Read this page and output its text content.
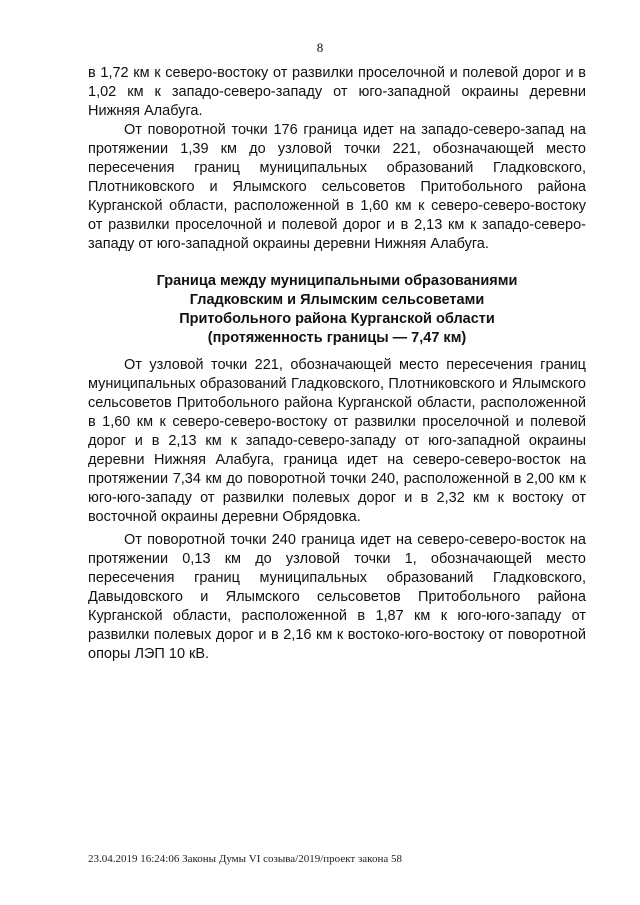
8

в 1,72 км к северо-востоку от развилки проселочной и полевой дорог и в 1,02 км к западо-северо-западу от юго-западной окраины деревни Нижняя Алабуга.

От поворотной точки 176 граница идет на западо-северо-запад на протяжении 1,39 км до узловой точки 221, обозначающей место пересечения границ муниципальных образований Гладковского, Плотниковского и Ялымского сельсоветов Притобольного района Курганской области, расположенной в 1,60 км к северо-северо-востоку от развилки проселочной и полевой дорог и в 2,13 км к западо-северо-западу от юго-западной окраины деревни Нижняя Алабуга.

Граница между муниципальными образованиями
Гладковским и Ялымским сельсоветами
Притобольного района Курганской области
(протяженность границы — 7,47 км)

От узловой точки 221, обозначающей место пересечения границ муниципальных образований Гладковского, Плотниковского и Ялымского сельсоветов Притобольного района Курганской области, расположенной в 1,60 км к северо-северо-востоку от развилки проселочной и полевой дорог и в 2,13 км к западо-северо-западу от юго-западной окраины деревни Нижняя Алабуга, граница идет на северо-северо-восток на протяжении 7,34 км до поворотной точки 240, расположенной в 2,00 км к юго-юго-западу от развилки полевых дорог и в 2,32 км к востоку от восточной окраины деревни Обрядовка.

От поворотной точки 240 граница идет на северо-северо-восток на протяжении 0,13 км до узловой точки 1, обозначающей место пересечения границ муниципальных образований Гладковского, Давыдовского и Ялымского сельсоветов Притобольного района Курганской области, расположенной в 1,87 км к юго-юго-западу от развилки полевых дорог и в 2,16 км к востоко-юго-востоку от поворотной опоры ЛЭП 10 кВ.

23.04.2019 16:24:06 Законы Думы VI созыва/2019/проект закона 58
